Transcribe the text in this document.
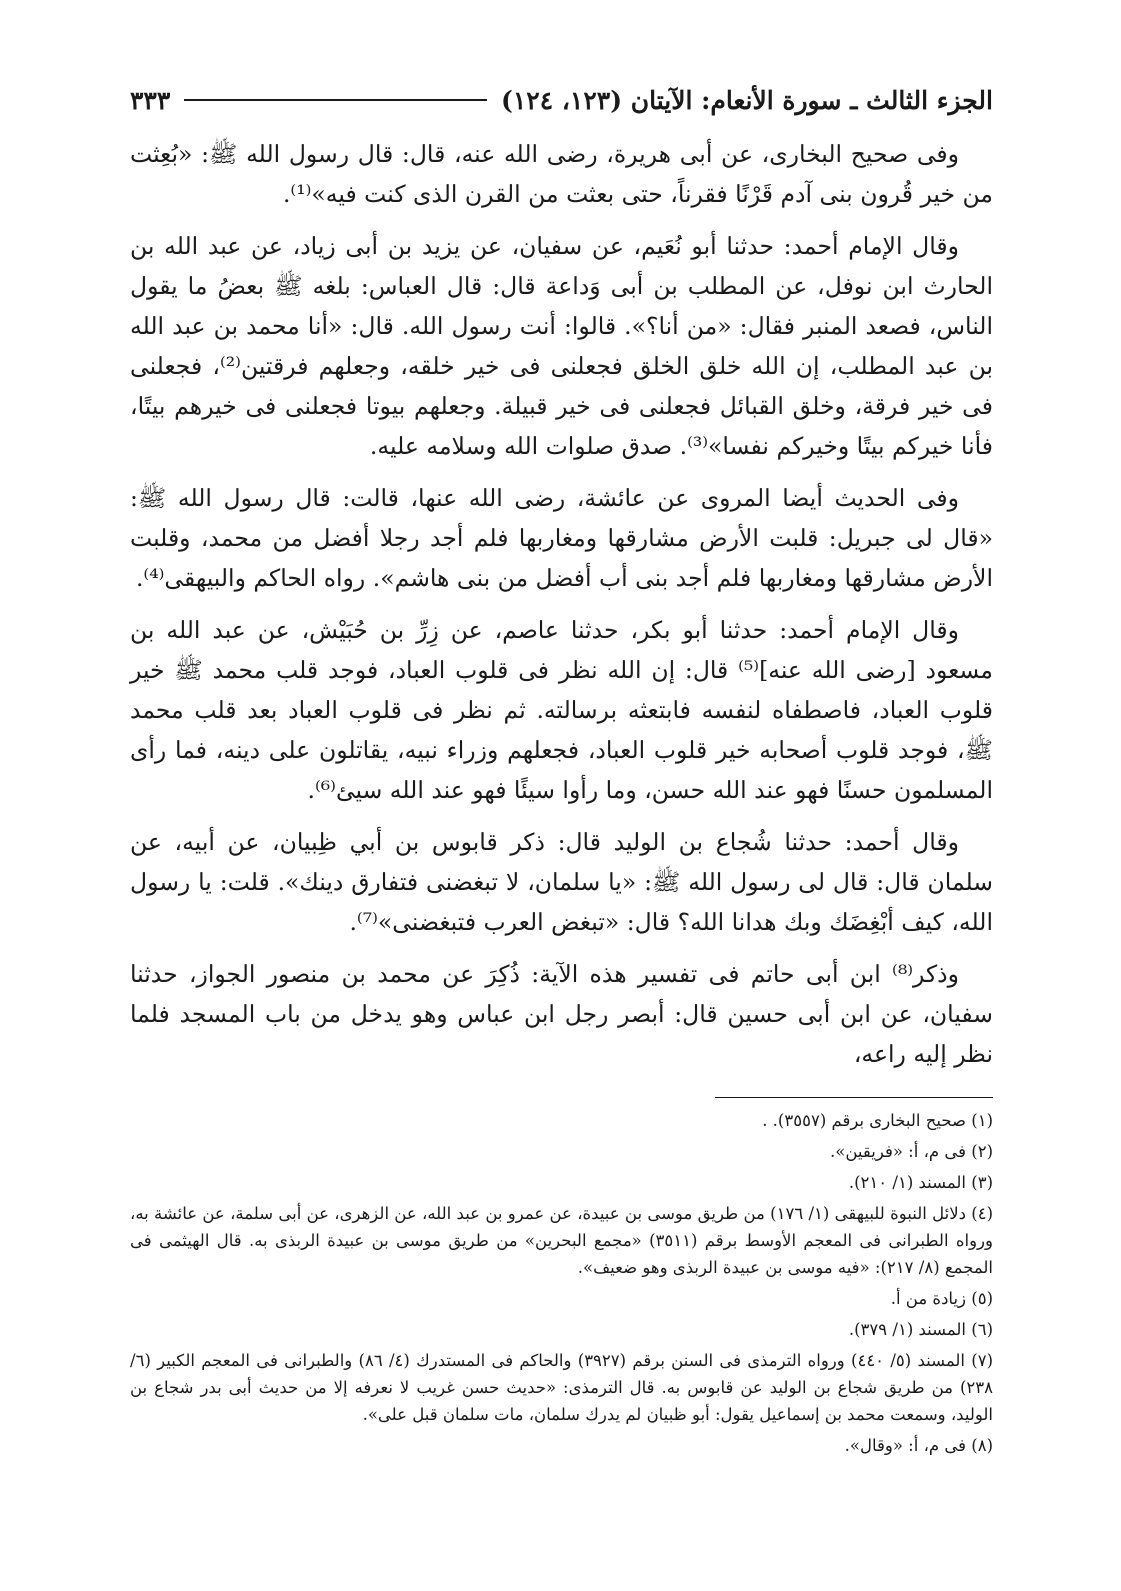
الجزء الثالث ـ سورة الأنعام: الآيتان (١٢٣، ١٢٤)
٣٣٣

وفى صحيح البخارى، عن أبى هريرة، رضى الله عنه، قال: قال رسول الله ﷺ: «بُعِثت من خير قُرون بنى آدم قَرْنًا فقرناً، حتى بعثت من القرن الذى كنت فيه»⁽¹⁾.

وقال الإمام أحمد: حدثنا أبو نُعَيم، عن سفيان، عن يزيد بن أبى زياد، عن عبد الله بن الحارث ابن نوفل، عن المطلب بن أبى وَداعة قال: قال العباس: بلغه ﷺ بعضُ ما يقول الناس، فصعد المنبر فقال: «من أنا؟». قالوا: أنت رسول الله. قال: «أنا محمد بن عبد الله بن عبد المطلب، إن الله خلق الخلق فجعلنى فى خير خلقه، وجعلهم فرقتين⁽²⁾، فجعلنى فى خير فرقة، وخلق القبائل فجعلنى فى خير قبيلة. وجعلهم بيوتا فجعلنى فى خيرهم بيتًا، فأنا خيركم بيتًا وخيركم نفسا»⁽³⁾. صدق صلوات الله وسلامه عليه.

وفى الحديث أيضا المروى عن عائشة، رضى الله عنها، قالت: قال رسول الله ﷺ: «قال لى جبريل: قلبت الأرض مشارقها ومغاربها فلم أجد رجلا أفضل من محمد، وقلبت الأرض مشارقها ومغاربها فلم أجد بنى أب أفضل من بنى هاشم». رواه الحاكم والبيهقى⁽⁴⁾.

وقال الإمام أحمد: حدثنا أبو بكر، حدثنا عاصم، عن زِرِّ بن حُبَيْش، عن عبد الله بن مسعود [رضى الله عنه]⁽⁵⁾ قال: إن الله نظر فى قلوب العباد، فوجد قلب محمد ﷺ خير قلوب العباد، فاصطفاه لنفسه فابتعثه برسالته. ثم نظر فى قلوب العباد بعد قلب محمد ﷺ، فوجد قلوب أصحابه خير قلوب العباد، فجعلهم وزراء نبيه، يقاتلون على دينه، فما رأى المسلمون حسنًا فهو عند الله حسن، وما رأوا سيئًا فهو عند الله سيئ⁽⁶⁾.

وقال أحمد: حدثنا شُجاع بن الوليد قال: ذكر قابوس بن أبي ظِبيان، عن أبيه، عن سلمان قال: قال لى رسول الله ﷺ: «يا سلمان، لا تبغضنى فتفارق دينك». قلت: يا رسول الله، كيف أبْغِضَك وبك هدانا الله؟ قال: «تبغض العرب فتبغضنى»⁽⁷⁾.

وذكر⁽⁸⁾ ابن أبى حاتم فى تفسير هذه الآية: ذُكِرَ عن محمد بن منصور الجواز، حدثنا سفيان، عن ابن أبى حسين قال: أبصر رجل ابن عباس وهو يدخل من باب المسجد فلما نظر إليه راعه،

(١) صحيح البخارى برقم (٣٥٥٧). .

(٢) فى م، أ: «فريقين».

(٣) المسند (١/ ٢١٠).

(٤) دلائل النبوة للبيهقى (١/ ١٧٦) من طريق موسى بن عبيدة، عن عمرو بن عبد الله، عن الزهرى، عن أبى سلمة، عن عائشة به، ورواه الطبرانى فى المعجم الأوسط برقم (٣٥١١) «مجمع البحرين» من طريق موسى بن عبيدة الربذى به. قال الهيثمى فى المجمع (٨/ ٢١٧): «فيه موسى بن عبيدة الربذى وهو ضعيف».

(٥) زيادة من أ.

(٦) المسند (١/ ٣٧٩).

(٧) المسند (٥/ ٤٤٠) ورواه الترمذى فى السنن برقم (٣٩٢٧) والحاكم فى المستدرك (٤/ ٨٦) والطبرانى فى المعجم الكبير (٦/ ٢٣٨) من طريق شجاع بن الوليد عن قابوس به. قال الترمذى: «حديث حسن غريب لا نعرفه إلا من حديث أبى بدر شجاع بن الوليد، وسمعت محمد بن إسماعيل يقول: أبو ظبيان لم يدرك سلمان، مات سلمان قبل على».

(٨) فى م، أ: «وقال».
